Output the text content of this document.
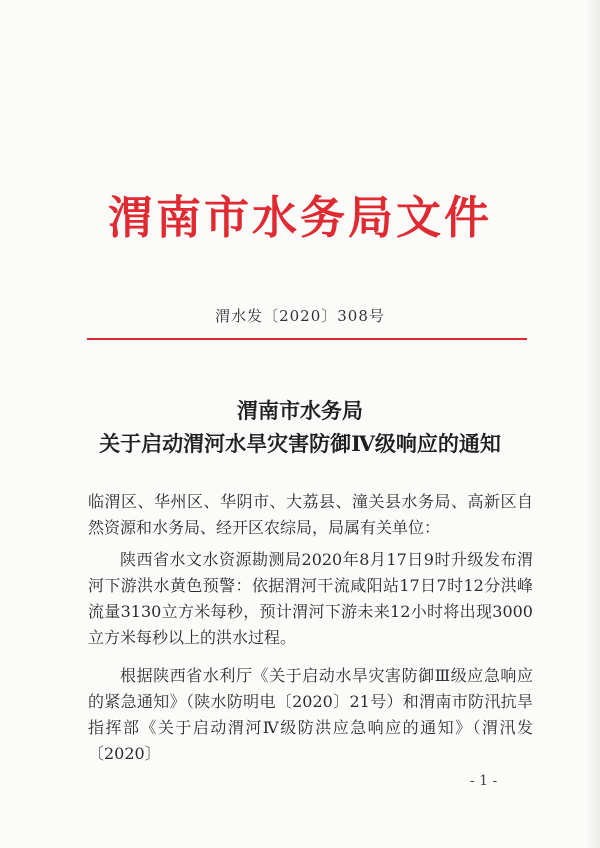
渭南市水务局文件
渭水发〔2020〕308号
渭南市水务局
关于启动渭河水旱灾害防御Ⅳ级响应的通知
临渭区、华州区、华阴市、大荔县、潼关县水务局、高新区自然资源和水务局、经开区农综局，局属有关单位：
陕西省水文水资源勘测局2020年8月17日9时升级发布渭河下游洪水黄色预警：依据渭河干流咸阳站17日7时12分洪峰流量3130立方米每秒，预计渭河下游未来12小时将出现3000立方米每秒以上的洪水过程。
根据陕西省水利厅《关于启动水旱灾害防御Ⅲ级应急响应的紧急通知》（陕水防明电〔2020〕21号）和渭南市防汛抗旱指挥部《关于启动渭河Ⅳ级防洪应急响应的通知》（渭汛发〔2020〕
- 1 -
